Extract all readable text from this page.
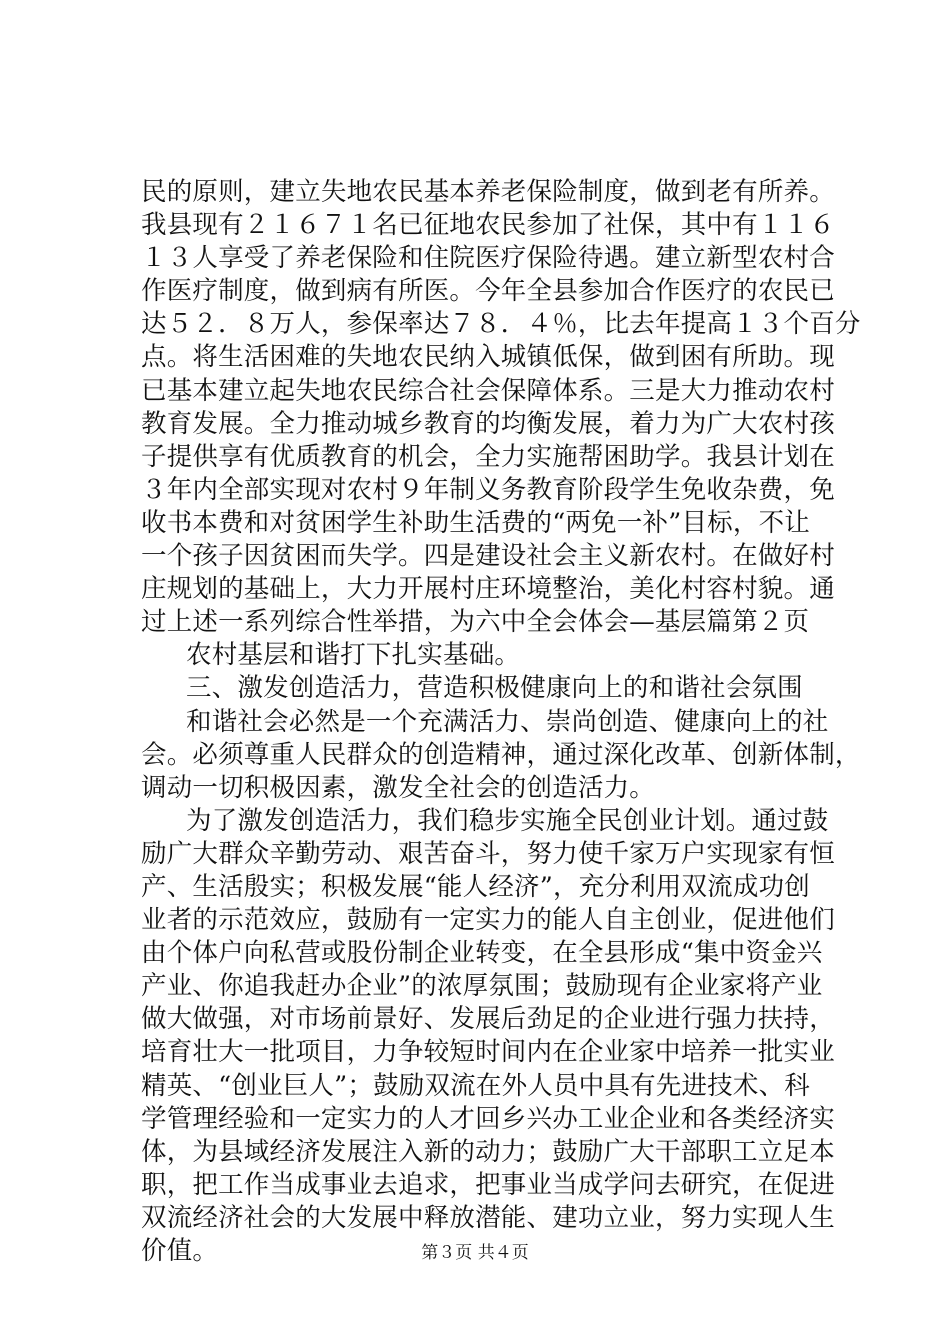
民的原则，建立失地农民基本养老保险制度，做到老有所养。
我县现有２１６７１名已征地农民参加了社保，其中有１１６
１３人享受了养老保险和住院医疗保险待遇。建立新型农村合
作医疗制度，做到病有所医。今年全县参加合作医疗的农民已
达５２．８万人，参保率达７８．４％，比去年提高１３个百分
点。将生活困难的失地农民纳入城镇低保，做到困有所助。现
已基本建立起失地农民综合社会保障体系。三是大力推动农村
教育发展。全力推动城乡教育的均衡发展，着力为广大农村孩
子提供享有优质教育的机会，全力实施帮困助学。我县计划在
３年内全部实现对农村９年制义务教育阶段学生免收杂费，免
收书本费和对贫困学生补助生活费的“两免一补”目标，不让
一个孩子因贫困而失学。四是建设社会主义新农村。在做好村
庄规划的基础上，大力开展村庄环境整治，美化村容村貌。通
过上述一系列综合性举措，为六中全会体会—基层篇第２页
农村基层和谐打下扎实基础。
三、激发创造活力，营造积极健康向上的和谐社会氛围
和谐社会必然是一个充满活力、崇尚创造、健康向上的社
会。必须尊重人民群众的创造精神，通过深化改革、创新体制，
调动一切积极因素，激发全社会的创造活力。
为了激发创造活力，我们稳步实施全民创业计划。通过鼓
励广大群众辛勤劳动、艰苦奋斗，努力使千家万户实现家有恒
产、生活殷实；积极发展“能人经济”，充分利用双流成功创
业者的示范效应，鼓励有一定实力的能人自主创业，促进他们
由个体户向私营或股份制企业转变，在全县形成“集中资金兴
产业、你追我赶办企业”的浓厚氛围；鼓励现有企业家将产业
做大做强，对市场前景好、发展后劲足的企业进行强力扶持，
培育壮大一批项目，力争较短时间内在企业家中培养一批实业
精英、“创业巨人”；鼓励双流在外人员中具有先进技术、科
学管理经验和一定实力的人才回乡兴办工业企业和各类经济实
体，为县域经济发展注入新的动力；鼓励广大干部职工立足本
职，把工作当成事业去追求，把事业当成学问去研究，在促进
双流经济社会的大发展中释放潜能、建功立业，努力实现人生
价值。	第３页 共４页
